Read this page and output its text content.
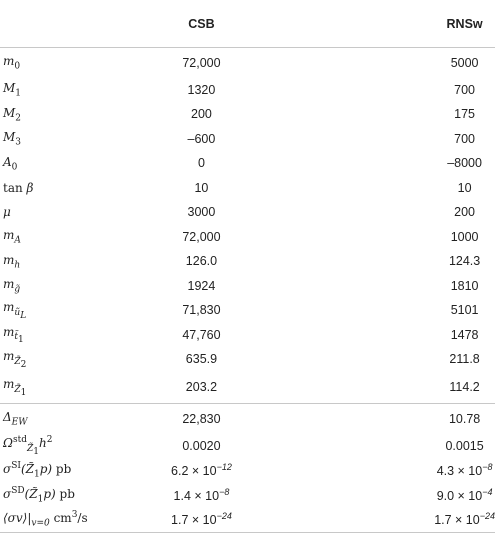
	CSB	RNSw
$m_0$	72,000	5000
$M_1$	1320	700
$M_2$	200	175
$M_3$	–600	700
$A_0$	0	–8000
tan β	10	10
μ	3000	200
$m_A$	72,000	1000
$m_h$	126.0	124.3
$m_{g̃}$	1924	1810
$m_{ũ_L}$	71,830	5101
$m_{t̃_1}$	47,760	1478
$m_{Z̃_2}$	635.9	211.8
$m_{Z̃_1}$	203.2	114.2
$\Delta_{EW}$	22,830	10.78
$\Omega^{std}_{Z̃_1}h^2$	0.0020	0.0015
$\sigma^{SI}(Z̃_1p)$ pb	$6.2 \times 10^{-12}$	$4.3 \times 10^{-8}$
$\sigma^{SD}(Z̃_1p)$ pb	$1.4 \times 10^{-8}$	$9.0 \times 10^{-4}$
$⟨\sigma v⟩|_{v=0}$ $cm^3/s$	$1.7 \times 10^{-24}$	$1.7 \times 10^{-24}$
